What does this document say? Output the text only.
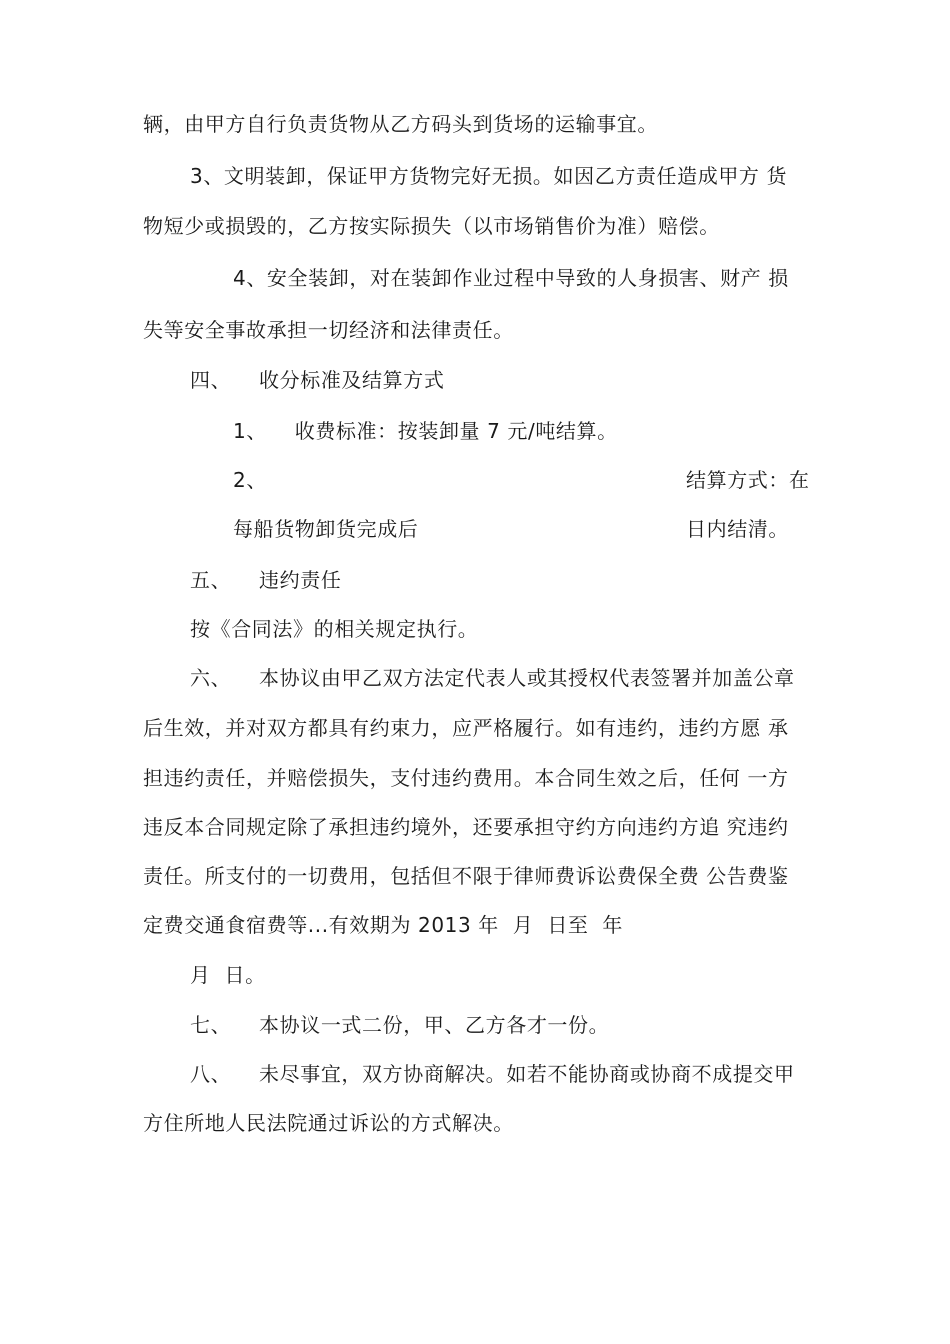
辆，由甲方自行负责货物从乙方码头到货场的运输事宜。
3、文明装卸，保证甲方货物完好无损。如因乙方责任造成甲方 货
物短少或损毁的，乙方按实际损失（以市场销售价为准）赔偿。
4、安全装卸，对在装卸作业过程中导致的人身损害、财产 损
失等安全事故承担一切经济和法律责任。
四、    收分标准及结算方式
1、    收费标准：按装卸量 7 元/吨结算。
2、	结算方式：在
每船货物卸货完成后	日内结清。
五、    违约责任
按《合同法》的相关规定执行。
六、    本协议由甲乙双方法定代表人或其授权代表签署并加盖公章
后生效，并对双方都具有约束力，应严格履行。如有违约，违约方愿 承
担违约责任，并赔偿损失，支付违约费用。本合同生效之后，任何 一方
违反本合同规定除了承担违约境外，还要承担守约方向违约方追 究违约
责任。所支付的一切费用，包括但不限于律师费诉讼费保全费 公告费鉴
定费交通食宿费等...有效期为 2013 年  月  日至  年
月  日。
七、    本协议一式二份，甲、乙方各才一份。
八、    未尽事宜，双方协商解决。如若不能协商或协商不成提交甲
方住所地人民法院通过诉讼的方式解决。
